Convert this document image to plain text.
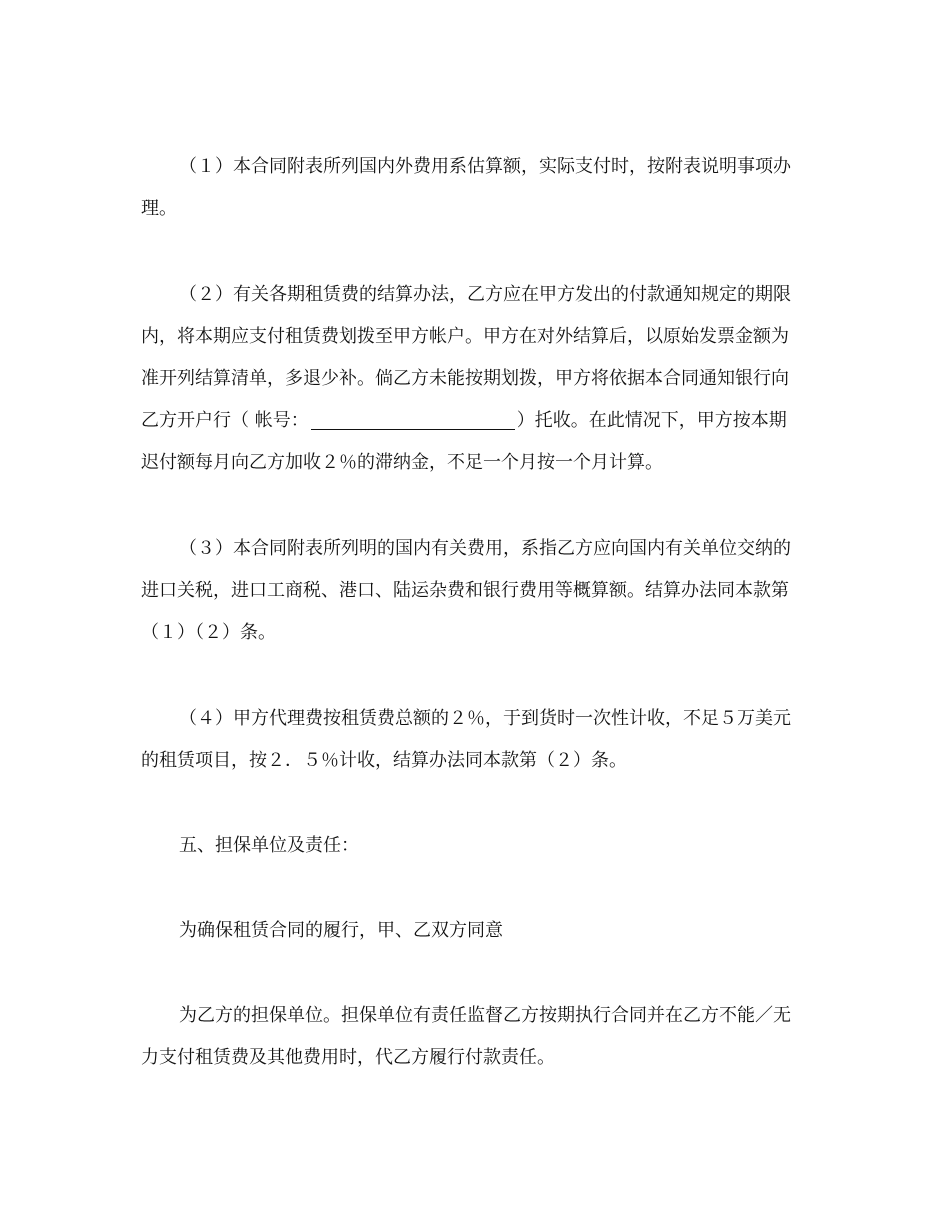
（１）本合同附表所列国内外费用系估算额，实际支付时，按附表说明事项办
理。
（２）有关各期租赁费的结算办法，乙方应在甲方发出的付款通知规定的期限
内，将本期应支付租赁费划拨至甲方帐户。甲方在对外结算后，以原始发票金额为
准开列结算清单，多退少补。倘乙方未能按期划拨，甲方将依据本合同通知银行向
乙方开户行（ 帐号：	）托收。在此情况下，甲方按本期
迟付额每月向乙方加收２％的滞纳金，不足一个月按一个月计算。
（３）本合同附表所列明的国内有关费用，系指乙方应向国内有关单位交纳的
进口关税，进口工商税、港口、陆运杂费和银行费用等概算额。结算办法同本款第
（１）（２）条。
（４）甲方代理费按租赁费总额的２％，于到货时一次性计收，不足５万美元
的租赁项目，按２．５％计收，结算办法同本款第（２）条。
五、担保单位及责任：
为确保租赁合同的履行，甲、乙双方同意
为乙方的担保单位。担保单位有责任监督乙方按期执行合同并在乙方不能／无
力支付租赁费及其他费用时，代乙方履行付款责任。
